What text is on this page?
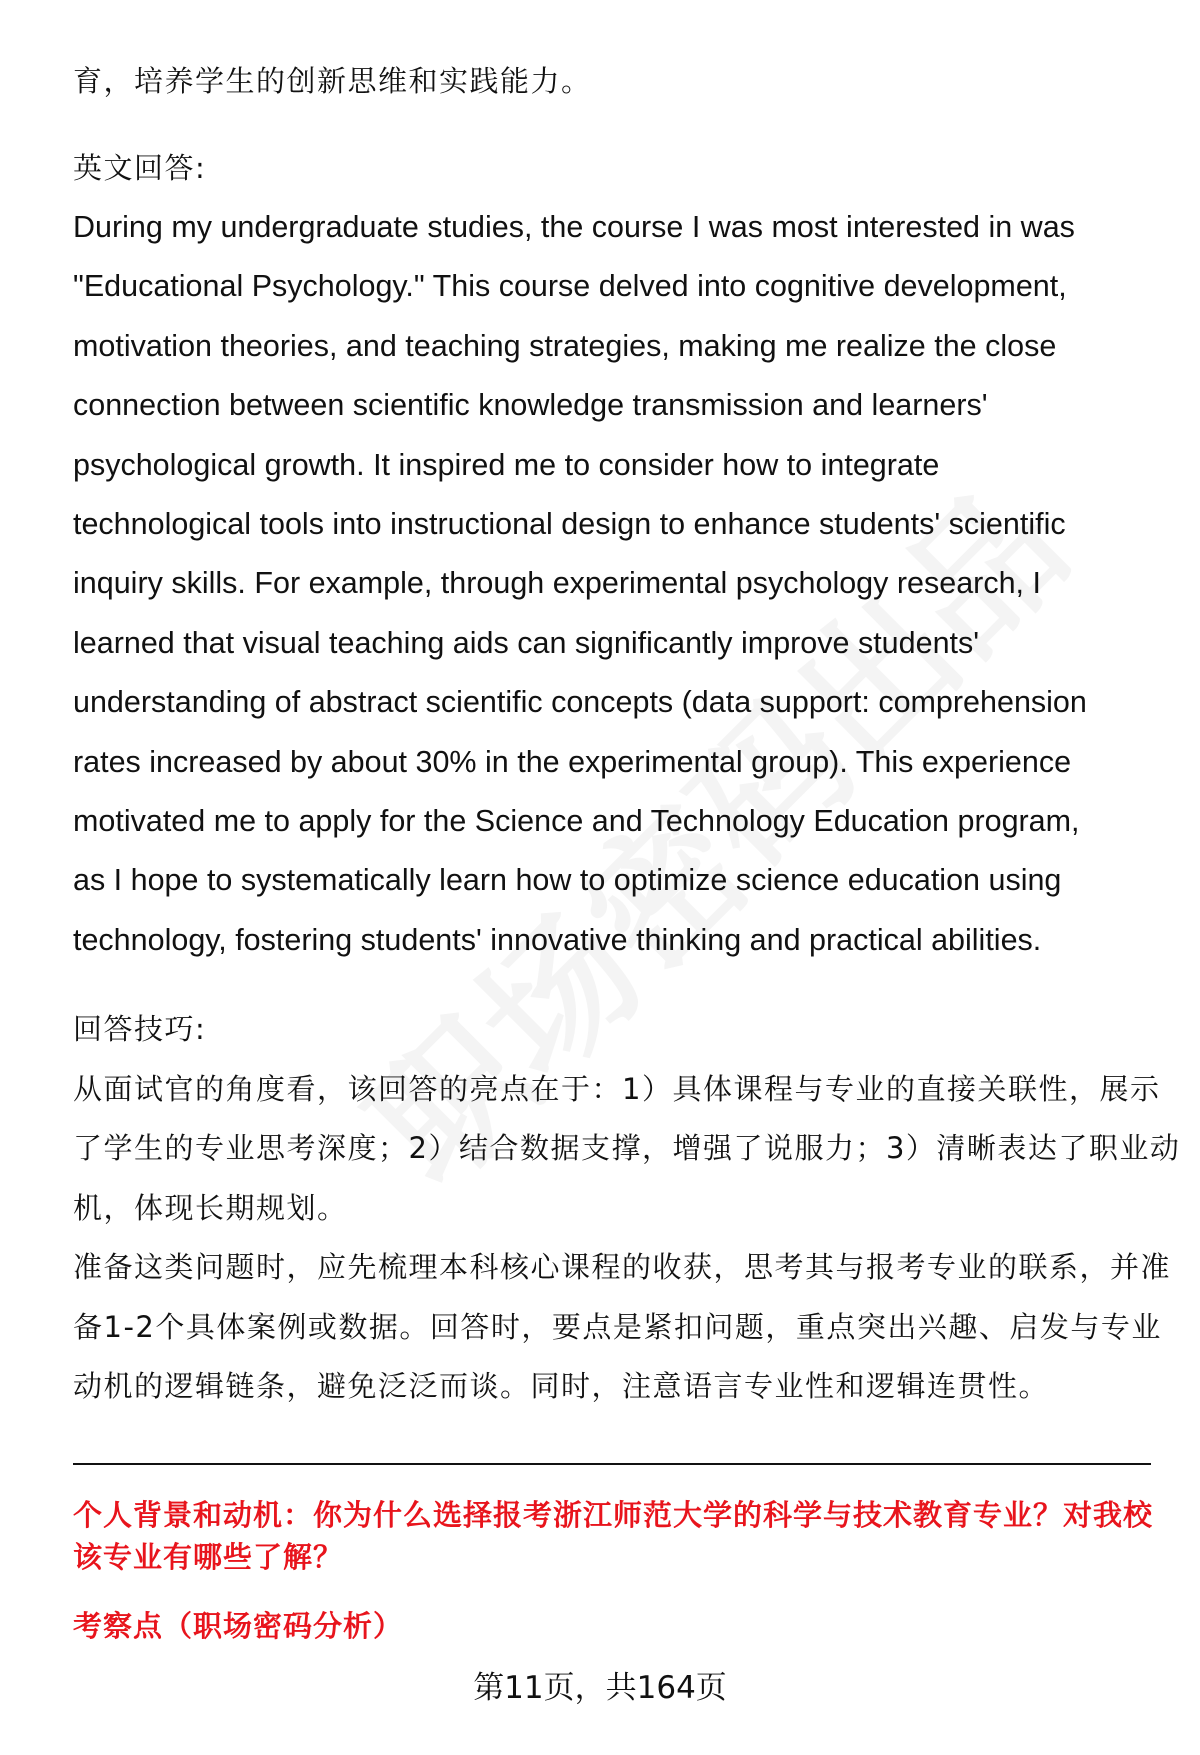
育，培养学生的创新思维和实践能力。
英文回答:
During my undergraduate studies, the course I was most interested in was
"Educational Psychology." This course delved into cognitive development,
motivation theories, and teaching strategies, making me realize the close
connection between scientific knowledge transmission and learners'
psychological growth. It inspired me to consider how to integrate
technological tools into instructional design to enhance students' scientific
inquiry skills. For example, through experimental psychology research, I
learned that visual teaching aids can significantly improve students'
understanding of abstract scientific concepts (data support: comprehension
rates increased by about 30% in the experimental group). This experience
motivated me to apply for the Science and Technology Education program,
as I hope to systematically learn how to optimize science education using
technology, fostering students' innovative thinking and practical abilities.
回答技巧:
从面试官的角度看，该回答的亮点在于：1）具体课程与专业的直接关联性，展示
了学生的专业思考深度；2）结合数据支撑，增强了说服力；3）清晰表达了职业动
机，体现长期规划。
准备这类问题时，应先梳理本科核心课程的收获，思考其与报考专业的联系，并准
备1-2个具体案例或数据。回答时，要点是紧扣问题，重点突出兴趣、启发与专业
动机的逻辑链条，避免泛泛而谈。同时，注意语言专业性和逻辑连贯性。
个人背景和动机：你为什么选择报考浙江师范大学的科学与技术教育专业？对我校
该专业有哪些了解？
考察点（职场密码分析）
第11页，共164页
